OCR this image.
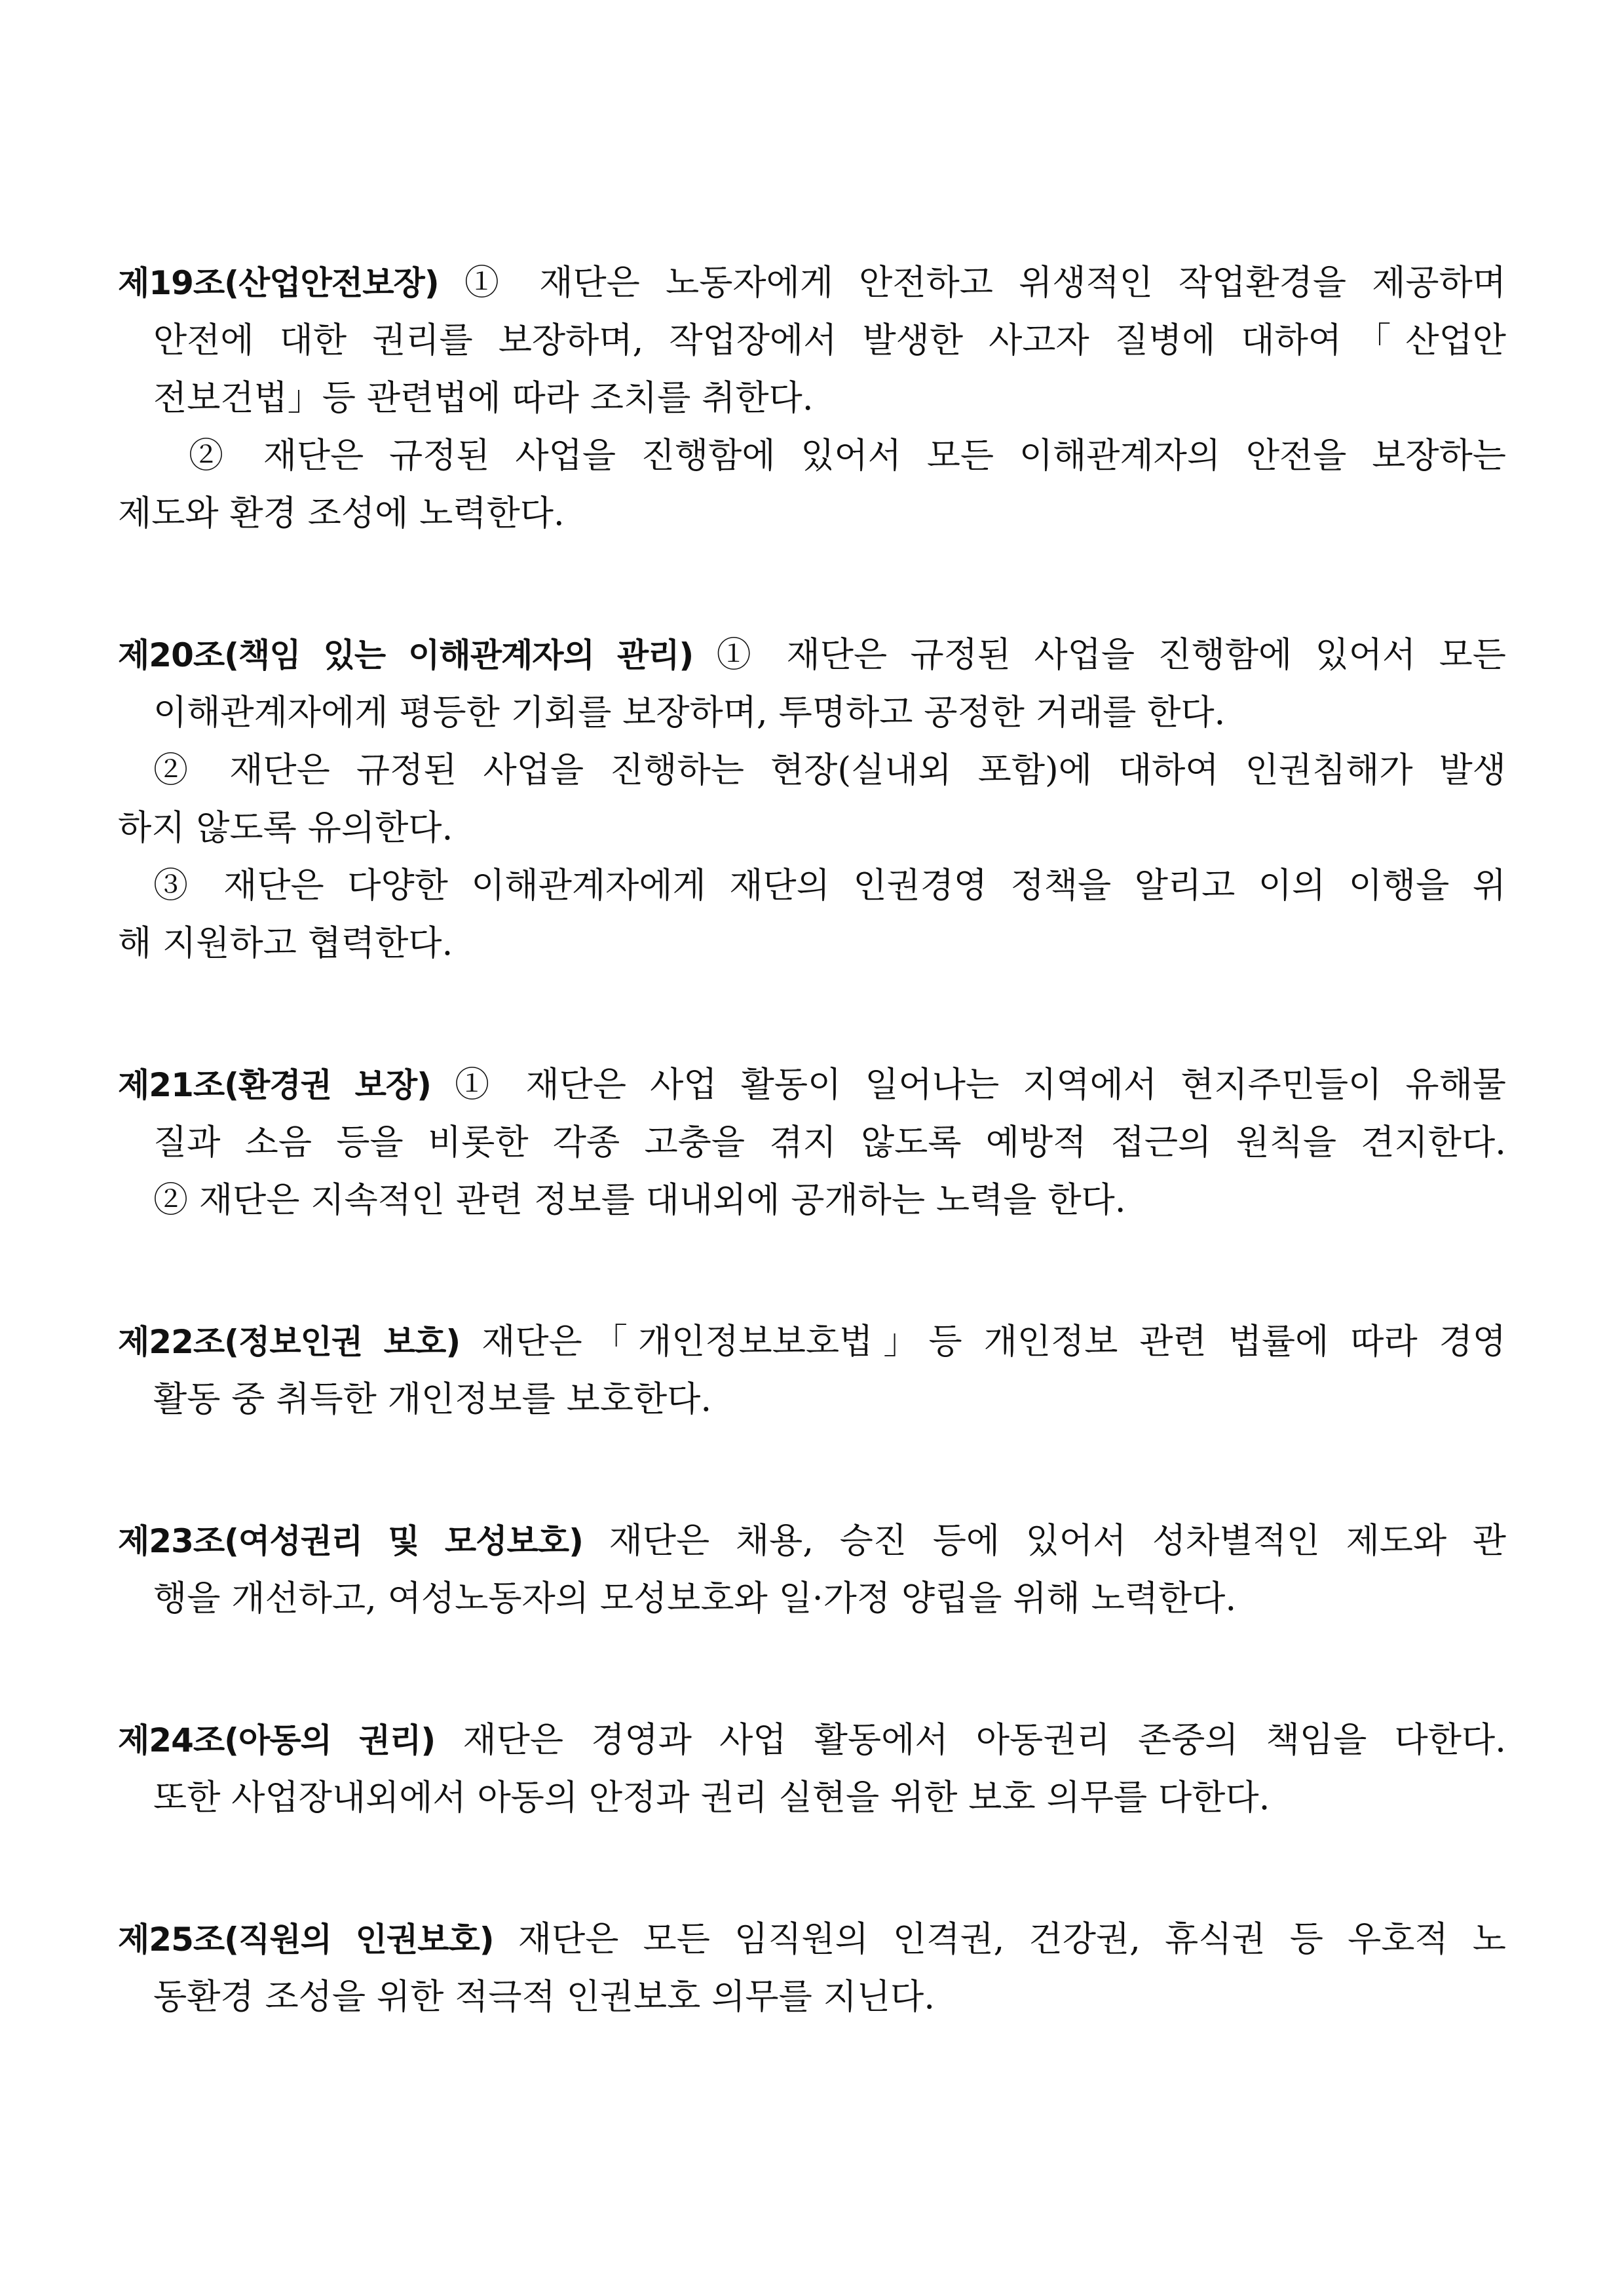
제19조(산업안전보장) ① 재단은 노동자에게 안전하고 위생적인 작업환경을 제공하며
안전에 대한 권리를 보장하며, 작업장에서 발생한 사고자 질병에 대하여「산업안
전보건법」등 관련법에 따라 조치를 취한다.
② 재단은 규정된 사업을 진행함에 있어서 모든 이해관계자의 안전을 보장하는
제도와 환경 조성에 노력한다.
제20조(책임 있는 이해관계자의 관리) ① 재단은 규정된 사업을 진행함에 있어서 모든
이해관계자에게 평등한 기회를 보장하며, 투명하고 공정한 거래를 한다.
② 재단은 규정된 사업을 진행하는 현장(실내외 포함)에 대하여 인권침해가 발생
하지 않도록 유의한다.
③ 재단은 다양한 이해관계자에게 재단의 인권경영 정책을 알리고 이의 이행을 위
해 지원하고 협력한다.
제21조(환경권 보장) ① 재단은 사업 활동이 일어나는 지역에서 현지주민들이 유해물
질과 소음 등을 비롯한 각종 고충을 겪지 않도록 예방적 접근의 원칙을 견지한다.
② 재단은 지속적인 관련 정보를 대내외에 공개하는 노력을 한다.
제22조(정보인권 보호) 재단은「개인정보보호법」등 개인정보 관련 법률에 따라 경영
활동 중 취득한 개인정보를 보호한다.
제23조(여성권리 및 모성보호) 재단은 채용, 승진 등에 있어서 성차별적인 제도와 관
행을 개선하고, 여성노동자의 모성보호와 일·가정 양립을 위해 노력한다.
제24조(아동의 권리) 재단은 경영과 사업 활동에서 아동권리 존중의 책임을 다한다.
또한 사업장내외에서 아동의 안정과 권리 실현을 위한 보호 의무를 다한다.
제25조(직원의 인권보호) 재단은 모든 임직원의 인격권, 건강권, 휴식권 등 우호적 노
동환경 조성을 위한 적극적 인권보호 의무를 지닌다.
